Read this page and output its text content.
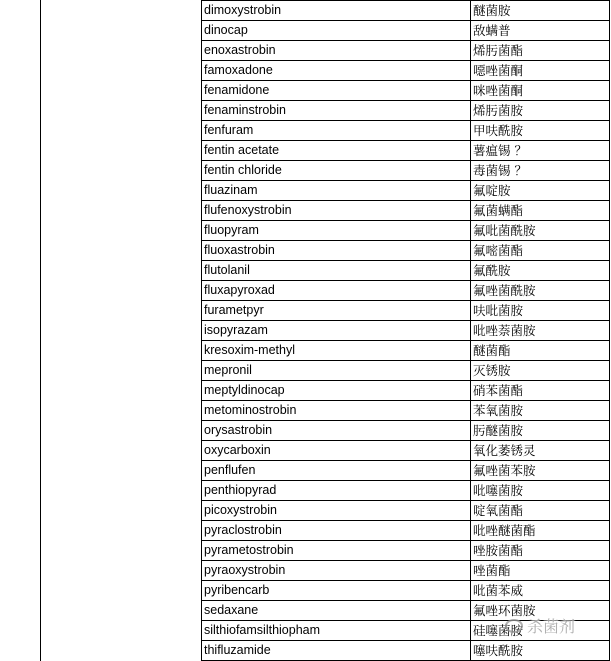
dimoxystrobin	醚菌胺
dinocap	敌螨普
enoxastrobin	烯肟菌酯
famoxadone	噁唑菌酮
fenamidone	咪唑菌酮
fenaminstrobin	烯肟菌胺
fenfuram	甲呋酰胺
fentin acetate	薯瘟锡 ？
fentin chloride	毒菌锡 ？
fluazinam	氟啶胺
flufenoxystrobin	氟菌螨酯
fluopyram	氟吡菌酰胺
fluoxastrobin	氟嘧菌酯
flutolanil	氟酰胺
fluxapyroxad	氟唑菌酰胺
furametpyr	呋吡菌胺
isopyrazam	吡唑萘菌胺
kresoxim-methyl	醚菌酯
mepronil	灭锈胺
meptyldinocap	硝苯菌酯
metominostrobin	苯氧菌胺
orysastrobin	肟醚菌胺
oxycarboxin	氧化萎锈灵
penflufen	氟唑菌苯胺
penthiopyrad	吡噻菌胺
picoxystrobin	啶氧菌酯
pyraclostrobin	吡唑醚菌酯
pyrametostrobin	唑胺菌酯
pyraoxystrobin	唑菌酯
pyribencarb	吡菌苯威
sedaxane	氟唑环菌胺
silthiofamsilthiopham	硅噻菌胺
thifluzamide	噻呋酰胺
杀菌剂
